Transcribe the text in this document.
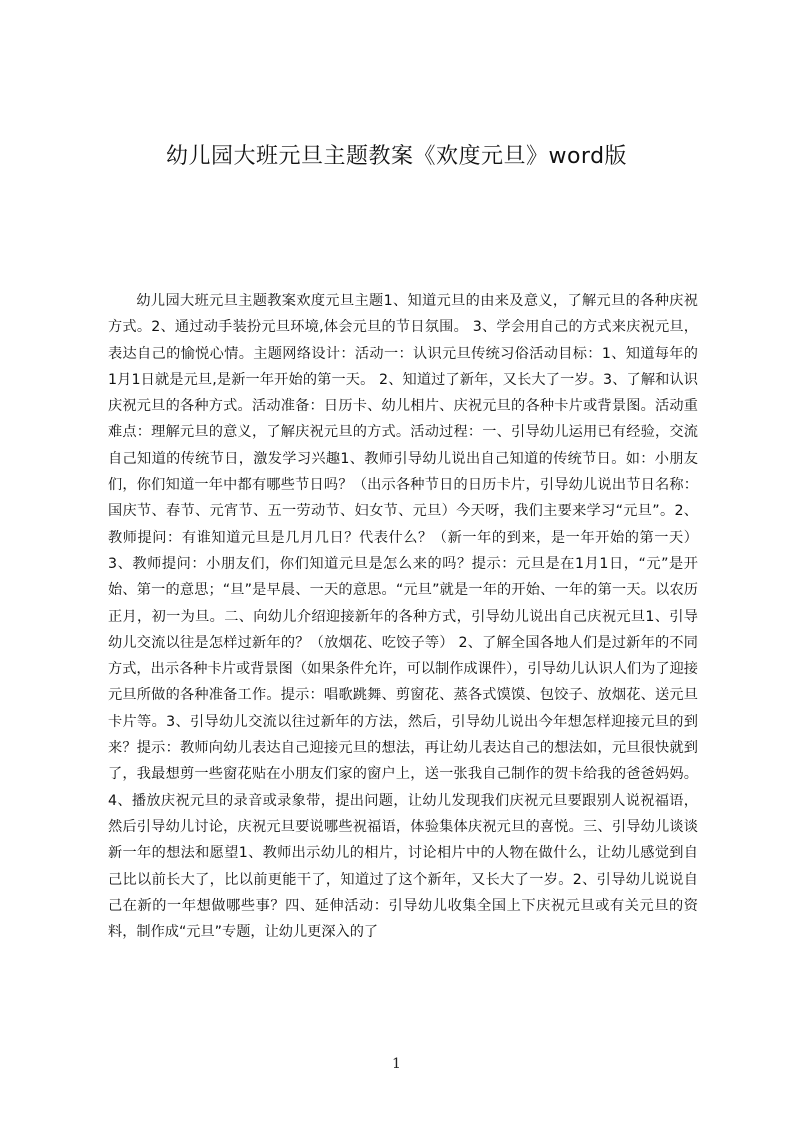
幼儿园大班元旦主题教案《欢度元旦》word版
幼儿园大班元旦主题教案欢度元旦主题1、知道元旦的由来及意义，了解元旦的各种庆祝方式。2、通过动手装扮元旦环境,体会元旦的节日氛围。 3、学会用自己的方式来庆祝元旦，表达自己的愉悦心情。主题网络设计：活动一：认识元旦传统习俗活动目标：1、知道每年的 1月1日就是元旦,是新一年开始的第一天。 2、知道过了新年，又长大了一岁。3、了解和认识庆祝元旦的各种方式。活动准备：日历卡、幼儿相片、庆祝元旦的各种卡片或背景图。活动重难点：理解元旦的意义，了解庆祝元旦的方式。活动过程：一、引导幼儿运用已有经验，交流自己知道的传统节日，激发学习兴趣1、教师引导幼儿说出自己知道的传统节日。如：小朋友们，你们知道一年中都有哪些节日吗？（出示各种节日的日历卡片，引导幼儿说出节日名称：国庆节、春节、元宵节、五一劳动节、妇女节、元旦）今天呀，我们主要来学习“元旦”。2、教师提问：有谁知道元旦是几月几日？代表什么？（新一年的到来，是一年开始的第一天） 3、教师提问：小朋友们，你们知道元旦是怎么来的吗？提示：元旦是在1月1日，“元”是开始、第一的意思；“旦”是早晨、一天的意思。“元旦”就是一年的开始、一年的第一天。以农历正月，初一为旦。二、向幼儿介绍迎接新年的各种方式，引导幼儿说出自己庆祝元旦1、引导幼儿交流以往是怎样过新年的？（放烟花、吃饺子等） 2、了解全国各地人们是过新年的不同方式，出示各种卡片或背景图（如果条件允许，可以制作成课件），引导幼儿认识人们为了迎接元旦所做的各种准备工作。提示：唱歌跳舞、剪窗花、蒸各式馍馍、包饺子、放烟花、送元旦卡片等。3、引导幼儿交流以往过新年的方法，然后，引导幼儿说出今年想怎样迎接元旦的到来？提示：教师向幼儿表达自己迎接元旦的想法，再让幼儿表达自己的想法如，元旦很快就到了，我最想剪一些窗花贴在小朋友们家的窗户上，送一张我自己制作的贺卡给我的爸爸妈妈。4、播放庆祝元旦的录音或录象带，提出问题，让幼儿发现我们庆祝元旦要跟别人说祝福语，然后引导幼儿讨论，庆祝元旦要说哪些祝福语，体验集体庆祝元旦的喜悦。三、引导幼儿谈谈新一年的想法和愿望1、教师出示幼儿的相片，讨论相片中的人物在做什么，让幼儿感觉到自己比以前长大了，比以前更能干了，知道过了这个新年，又长大了一岁。2、引导幼儿说说自己在新的一年想做哪些事？四、延伸活动：引导幼儿收集全国上下庆祝元旦或有关元旦的资料，制作成“元旦”专题，让幼儿更深入的了
1
